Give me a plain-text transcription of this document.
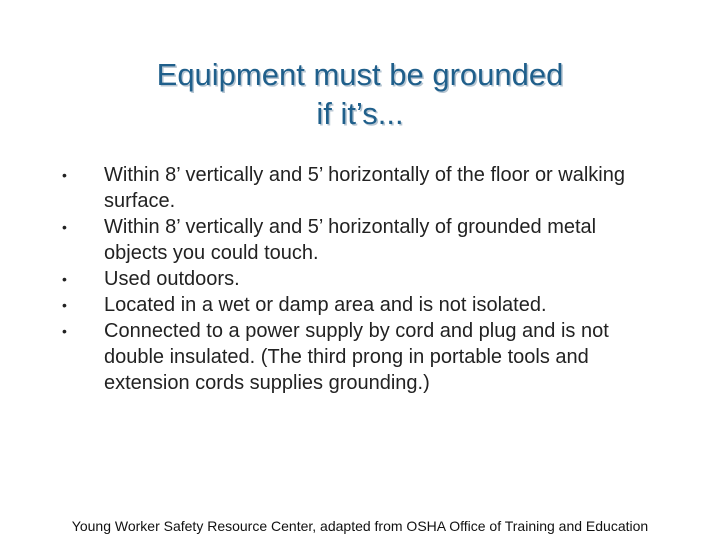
Equipment must be grounded
if it’s...
• Within 8’ vertically and 5’ horizontally of the floor or walking surface.
• Within 8’ vertically and 5’ horizontally of grounded metal objects you could touch.
• Used outdoors.
• Located in a wet or damp area and is not isolated.
• Connected to a power supply by cord and plug and is not double insulated. (The third prong in portable tools and extension cords supplies grounding.)
Young Worker Safety Resource Center, adapted from OSHA Office of Training and Education
